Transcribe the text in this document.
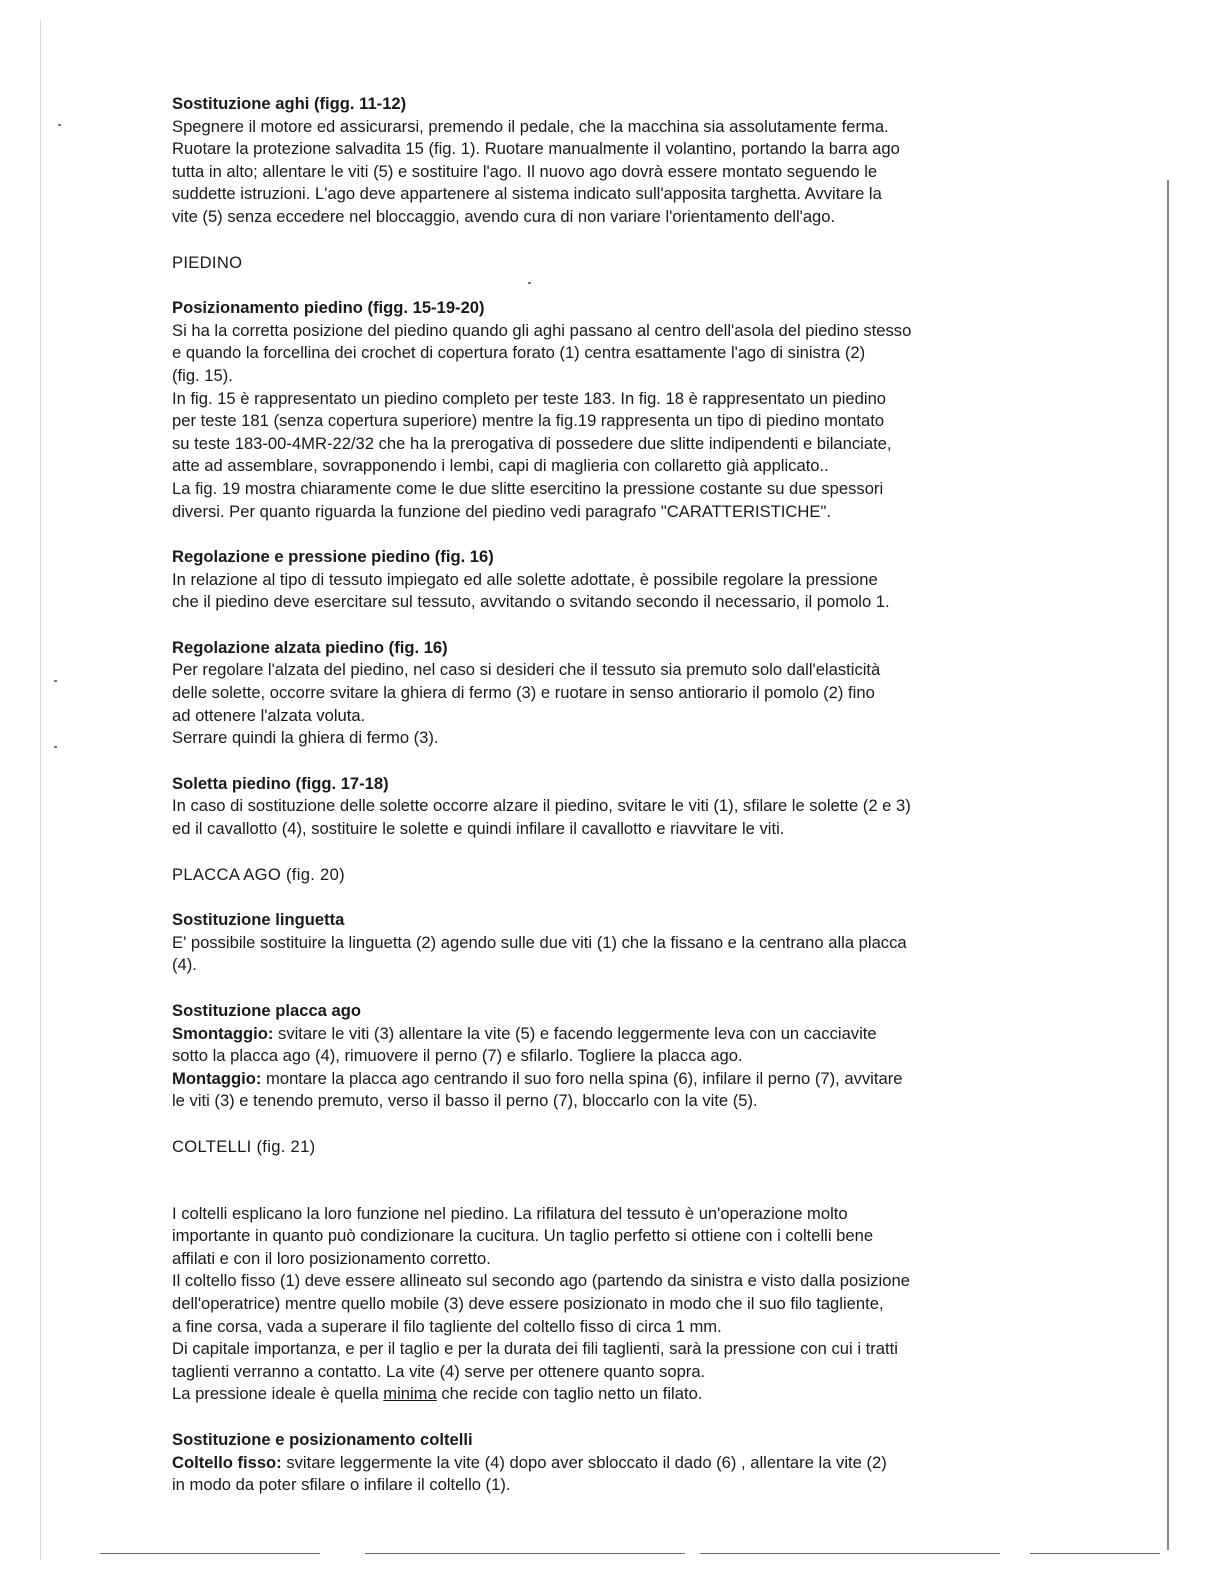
Sostituzione aghi (figg. 11-12)

Spegnere il motore ed assicurarsi, premendo il pedale, che la macchina sia assolutamente ferma.
Ruotare la protezione salvadita 15 (fig. 1). Ruotare manualmente il volantino, portando la barra ago
tutta in alto; allentare le viti (5) e sostituire l'ago. Il nuovo ago dovrà essere montato seguendo le
suddette istruzioni. L'ago deve appartenere al sistema indicato sull'apposita targhetta. Avvitare la
vite (5) senza eccedere nel bloccaggio, avendo cura di non variare l'orientamento dell'ago.

PIEDINO
Posizionamento piedino (figg. 15-19-20)

Si ha la corretta posizione del piedino quando gli aghi passano al centro dell'asola del piedino stesso
e quando la forcellina dei crochet di copertura forato (1) centra esattamente l'ago di sinistra (2)
(fig. 15).
In fig. 15 è rappresentato un piedino completo per teste 183. In fig. 18 è rappresentato un piedino
per teste 181 (senza copertura superiore) mentre la fig.19 rappresenta un tipo di piedino montato
su teste 183-00-4MR-22/32 che ha la prerogativa di possedere due slitte indipendenti e bilanciate,
atte ad assemblare, sovrapponendo i lembi, capi di maglieria con collaretto già applicato..
La fig. 19 mostra chiaramente come le due slitte esercitino la pressione costante su due spessori
diversi. Per quanto riguarda la funzione del piedino vedi paragrafo "CARATTERISTICHE".

Regolazione e pressione piedino (fig. 16)

In relazione al tipo di tessuto impiegato ed alle solette adottate, è possibile regolare la pressione
che il piedino deve esercitare sul tessuto, avvitando o svitando secondo il necessario, il pomolo 1.

Regolazione alzata piedino (fig. 16)

Per regolare l'alzata del piedino, nel caso si desideri che il tessuto sia premuto solo dall'elasticità
delle solette, occorre svitare la ghiera di fermo (3) e ruotare in senso antiorario il pomolo (2) fino
ad ottenere l'alzata voluta.
Serrare quindi la ghiera di fermo (3).

Soletta piedino (figg. 17-18)

In caso di sostituzione delle solette occorre alzare il piedino, svitare le viti (1), sfilare le solette (2 e 3)
ed il cavallotto (4), sostituire le solette e quindi infilare il cavallotto e riavvitare le viti.

PLACCA AGO (fig. 20)
Sostituzione linguetta

E' possibile sostituire la linguetta (2) agendo sulle due viti (1) che la fissano e la centrano alla placca
(4).

Sostituzione placca ago

Smontaggio: svitare le viti (3) allentare la vite (5) e facendo leggermente leva con un cacciavite
sotto la placca ago (4), rimuovere il perno (7) e sfilarlo. Togliere la placca ago.

Montaggio: montare la placca ago centrando il suo foro nella spina (6), infilare il perno (7), avvitare
le viti (3) e tenendo premuto, verso il basso il perno (7), bloccarlo con la vite (5).

COLTELLI (fig. 21)

I coltelli esplicano la loro funzione nel piedino. La rifilatura del tessuto è un'operazione molto
importante in quanto può condizionare la cucitura. Un taglio perfetto si ottiene con i coltelli bene
affilati e con il loro posizionamento corretto.
Il coltello fisso (1) deve essere allineato sul secondo ago (partendo da sinistra e visto dalla posizione
dell'operatrice) mentre quello mobile (3) deve essere posizionato in modo che il suo filo tagliente,
a fine corsa, vada a superare il filo tagliente del coltello fisso di circa 1 mm.
Di capitale importanza, e per il taglio e per la durata dei fili taglienti, sarà la pressione con cui i tratti
taglienti verranno a contatto. La vite (4) serve per ottenere quanto sopra.
La pressione ideale è quella minima che recide con taglio netto un filato.

Sostituzione e posizionamento coltelli

Coltello fisso: svitare leggermente la vite (4) dopo aver sbloccato il dado (6) , allentare la vite (2)
in modo da poter sfilare o infilare il coltello (1).
